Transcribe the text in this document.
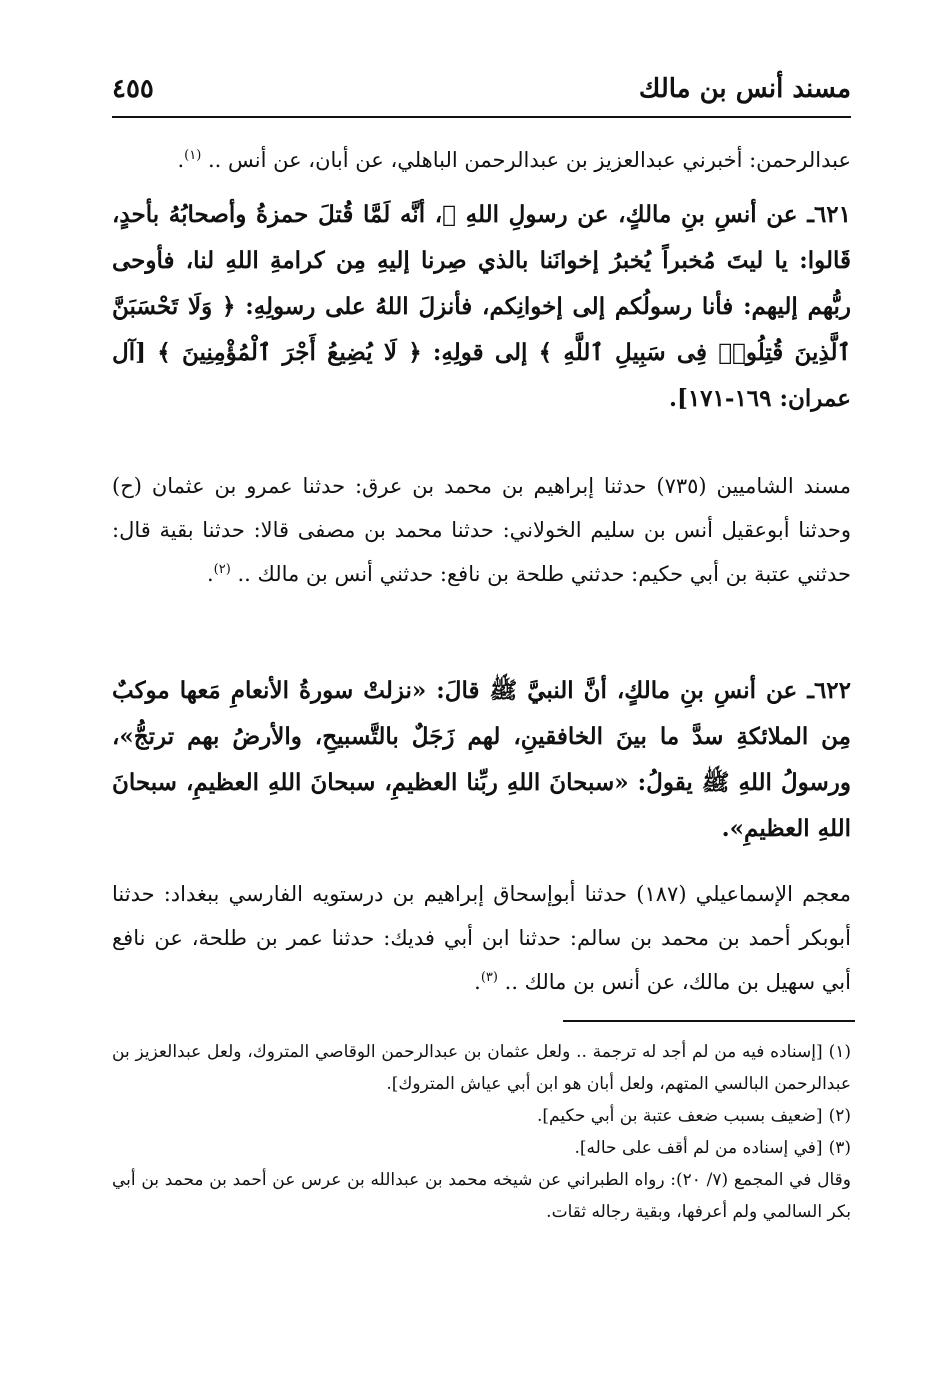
مسند أنس بن مالك
٤٥٥

عبدالرحمن: أخبرني عبدالعزيز بن عبدالرحمن الباهلي، عن أبان، عن أنس .. $^{(١)}$.

٦٢١ـ عن أنسِ بنِ مالكٍ، عن رسولِ اللهِ ﷺ، أنَّه لَمَّا قُتلَ حمزةُ وأصحابُهُ بأحدٍ، قَالوا: يا ليتَ مُخبراً يُخبرُ إخوانَنا بالذي صِرنا إليهِ مِن كرامةِ اللهِ لنا، فأوحى ربُّهم إليهم: فأنا رسولُكم إلى إخوانِكم، فأنزلَ اللهُ على رسولِهِ: ﴿ وَلَا تَحْسَبَنَّ ٱلَّذِينَ قُتِلُوا۟ فِى سَبِيلِ ٱللَّهِ ﴾ إلى قولِهِ: ﴿ لَا يُضِيعُ أَجْرَ ٱلْمُؤْمِنِينَ ﴾ [آل عمران: ١٦٩-١٧١].

مسند الشاميين (٧٣٥) حدثنا إبراهيم بن محمد بن عرق: حدثنا عمرو بن عثمان (ح) وحدثنا أبوعقيل أنس بن سليم الخولاني: حدثنا محمد بن مصفى قالا: حدثنا بقية قال: حدثني عتبة بن أبي حكيم: حدثني طلحة بن نافع: حدثني أنس بن مالك .. $^{(٢)}$.

٦٢٢ـ عن أنسِ بنِ مالكٍ، أنَّ النبيَّ ﷺ قالَ: «نزلتْ سورةُ الأنعامِ مَعها موكبٌ مِن الملائكةِ سدَّ ما بينَ الخافقينِ، لهم زَجَلٌ بالتَّسبيحِ، والأرضُ بهم ترتجُّ»، ورسولُ اللهِ ﷺ يقولُ: «سبحانَ اللهِ ربِّنا العظيمِ، سبحانَ اللهِ العظيمِ، سبحانَ اللهِ العظيمِ».

معجم الإسماعيلي (١٨٧) حدثنا أبوإسحاق إبراهيم بن درستويه الفارسي ببغداد: حدثنا أبوبكر أحمد بن محمد بن سالم: حدثنا ابن أبي فديك: حدثنا عمر بن طلحة، عن نافع أبي سهيل بن مالك، عن أنس بن مالك .. $^{(٣)}$.

(١)[إسناده فيه من لم أجد له ترجمة .. ولعل عثمان بن عبدالرحمن الوقاصي المتروك، ولعل عبدالعزيز بن عبدالرحمن البالسي المتهم، ولعل أبان هو ابن أبي عياش المتروك].
(٢)[ضعيف بسبب ضعف عتبة بن أبي حكيم].
(٣)[في إسناده من لم أقف على حاله].
وقال في المجمع (٧/ ٢٠): رواه الطبراني عن شيخه محمد بن عبدالله بن عرس عن أحمد بن محمد بن أبي بكر السالمي ولم أعرفها، وبقية رجاله ثقات.
